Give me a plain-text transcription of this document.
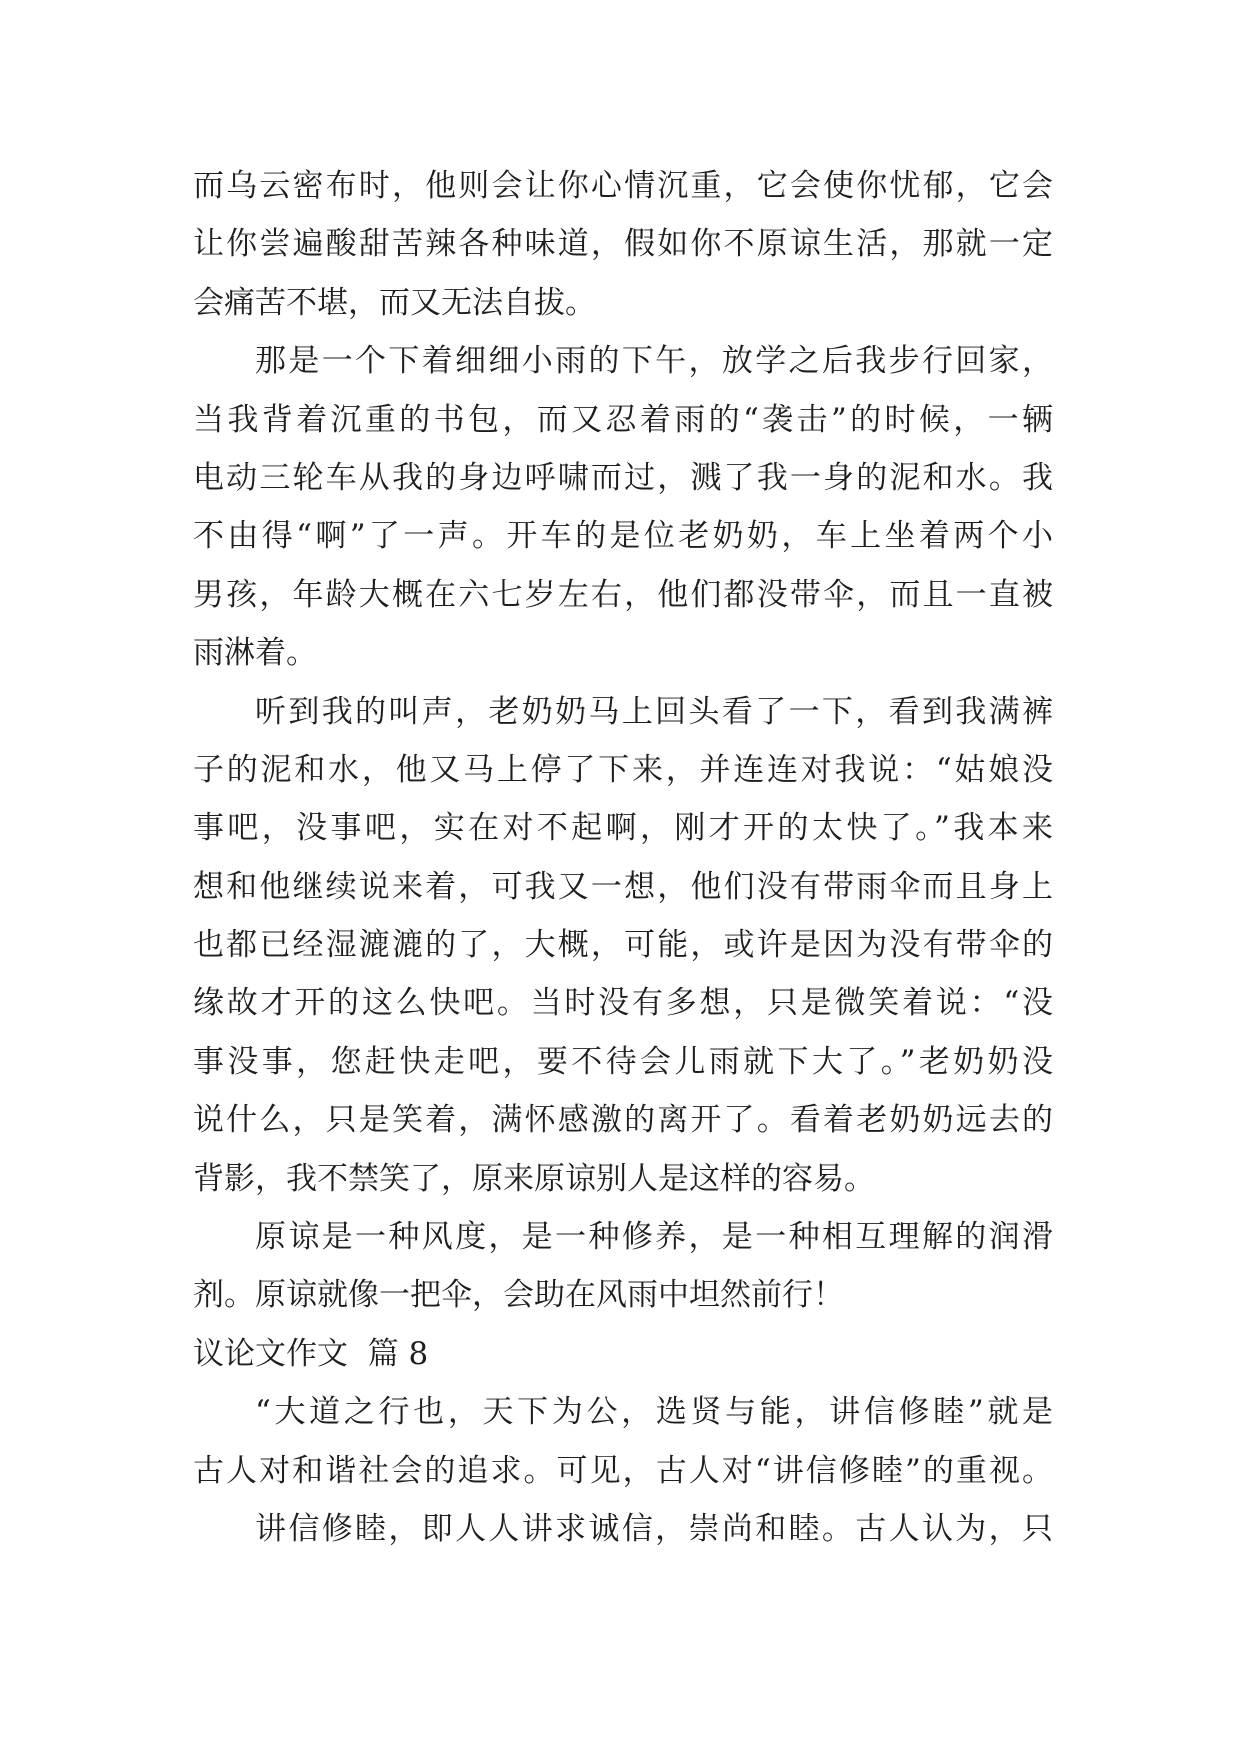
而乌云密布时，他则会让你心情沉重，它会使你忧郁，它会
让你尝遍酸甜苦辣各种味道，假如你不原谅生活，那就一定
会痛苦不堪，而又无法自拔。
那是一个下着细细小雨的下午，放学之后我步行回家，
当我背着沉重的书包，而又忍着雨的“袭击”的时候，一辆
电动三轮车从我的身边呼啸而过，溅了我一身的泥和水。我
不由得“啊”了一声。开车的是位老奶奶，车上坐着两个小
男孩，年龄大概在六七岁左右，他们都没带伞，而且一直被
雨淋着。
听到我的叫声，老奶奶马上回头看了一下，看到我满裤
子的泥和水，他又马上停了下来，并连连对我说：“姑娘没
事吧，没事吧，实在对不起啊，刚才开的太快了。”我本来
想和他继续说来着，可我又一想，他们没有带雨伞而且身上
也都已经湿漉漉的了，大概，可能，或许是因为没有带伞的
缘故才开的这么快吧。当时没有多想，只是微笑着说：“没
事没事，您赶快走吧，要不待会儿雨就下大了。”老奶奶没
说什么，只是笑着，满怀感激的离开了。看着老奶奶远去的
背影，我不禁笑了，原来原谅别人是这样的容易。
原谅是一种风度，是一种修养，是一种相互理解的润滑
剂。原谅就像一把伞，会助在风雨中坦然前行！
议论文作文  篇 8
“大道之行也，天下为公，选贤与能，讲信修睦”就是
古人对和谐社会的追求。可见，古人对“讲信修睦”的重视。
讲信修睦，即人人讲求诚信，崇尚和睦。古人认为，只
